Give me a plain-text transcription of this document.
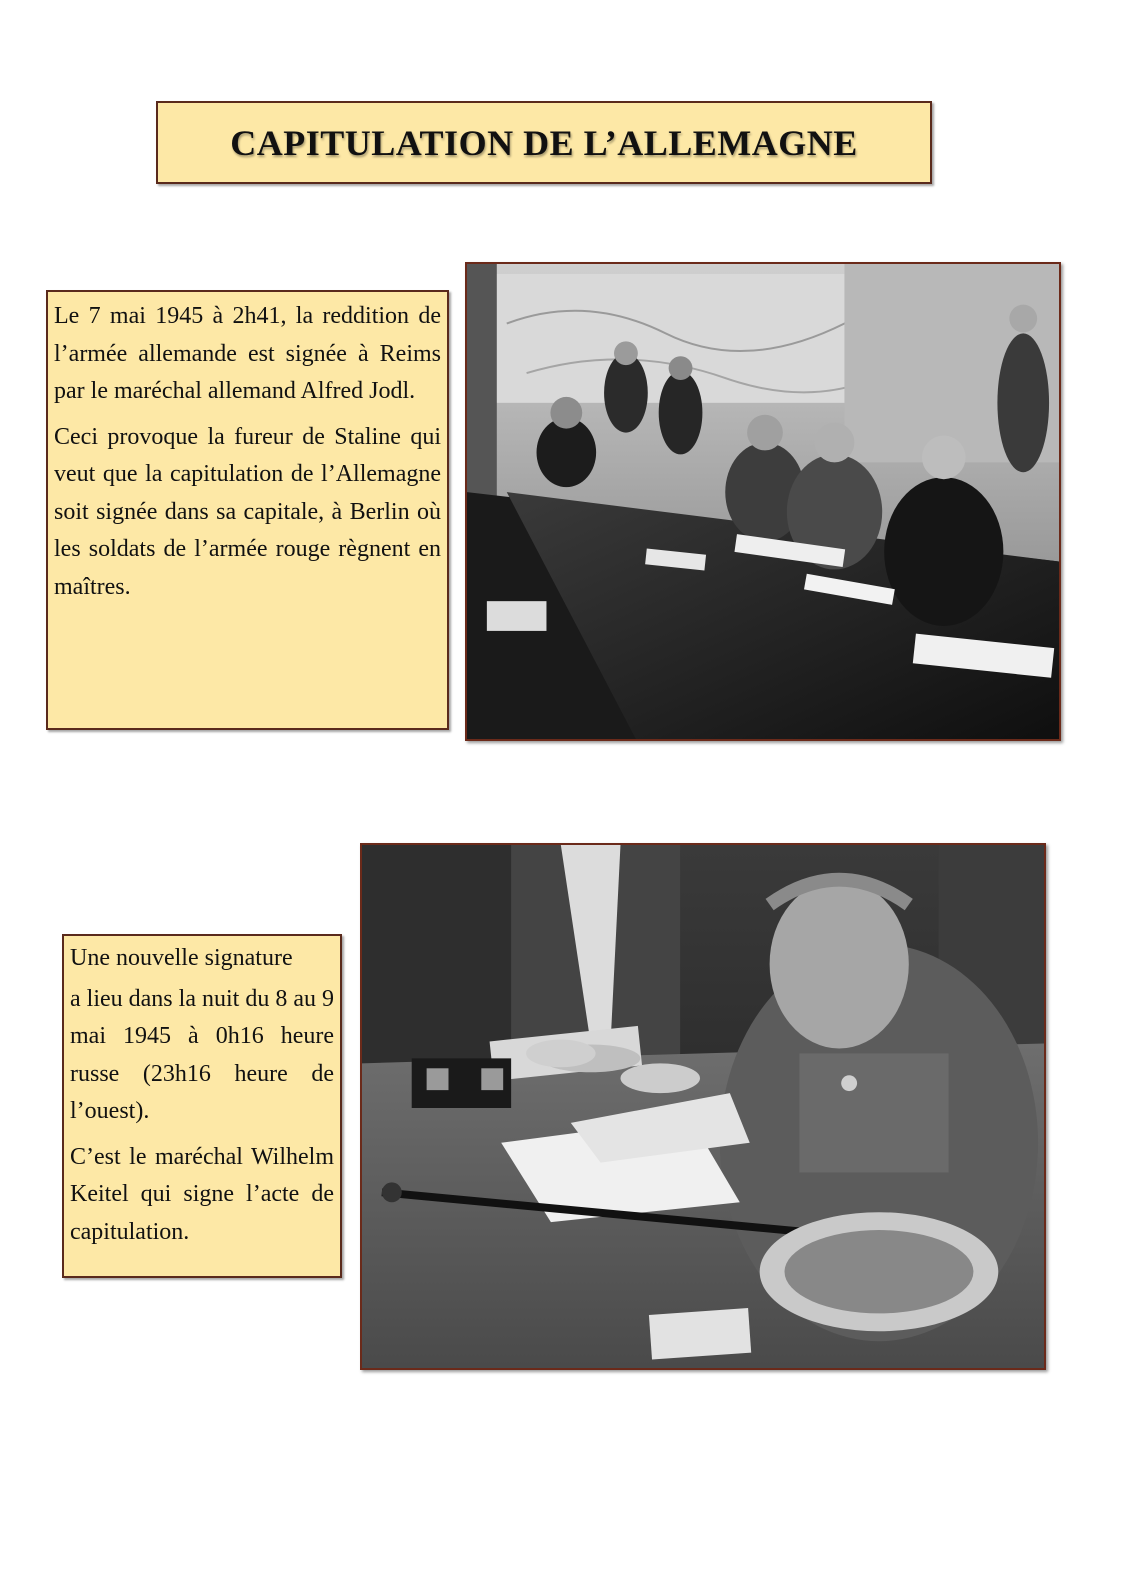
CAPITULATION DE L’ALLEMAGNE

Le 7 mai 1945 à 2h41, la reddition de l’armée allemande est signée à Reims par le maréchal allemand Alfred Jodl.

Ceci provoque la fureur de Staline qui veut que la capitulation de l’Allemagne soit signée dans sa capitale, à Berlin où les soldats de l’armée rouge règnent en maîtres.

Une nouvelle signature

a lieu dans la nuit du 8 au 9 mai 1945 à 0h16 heure russe (23h16 heure de l’ouest).

C’est le maréchal Wilhelm Keitel qui signe l’acte de capitulation.
